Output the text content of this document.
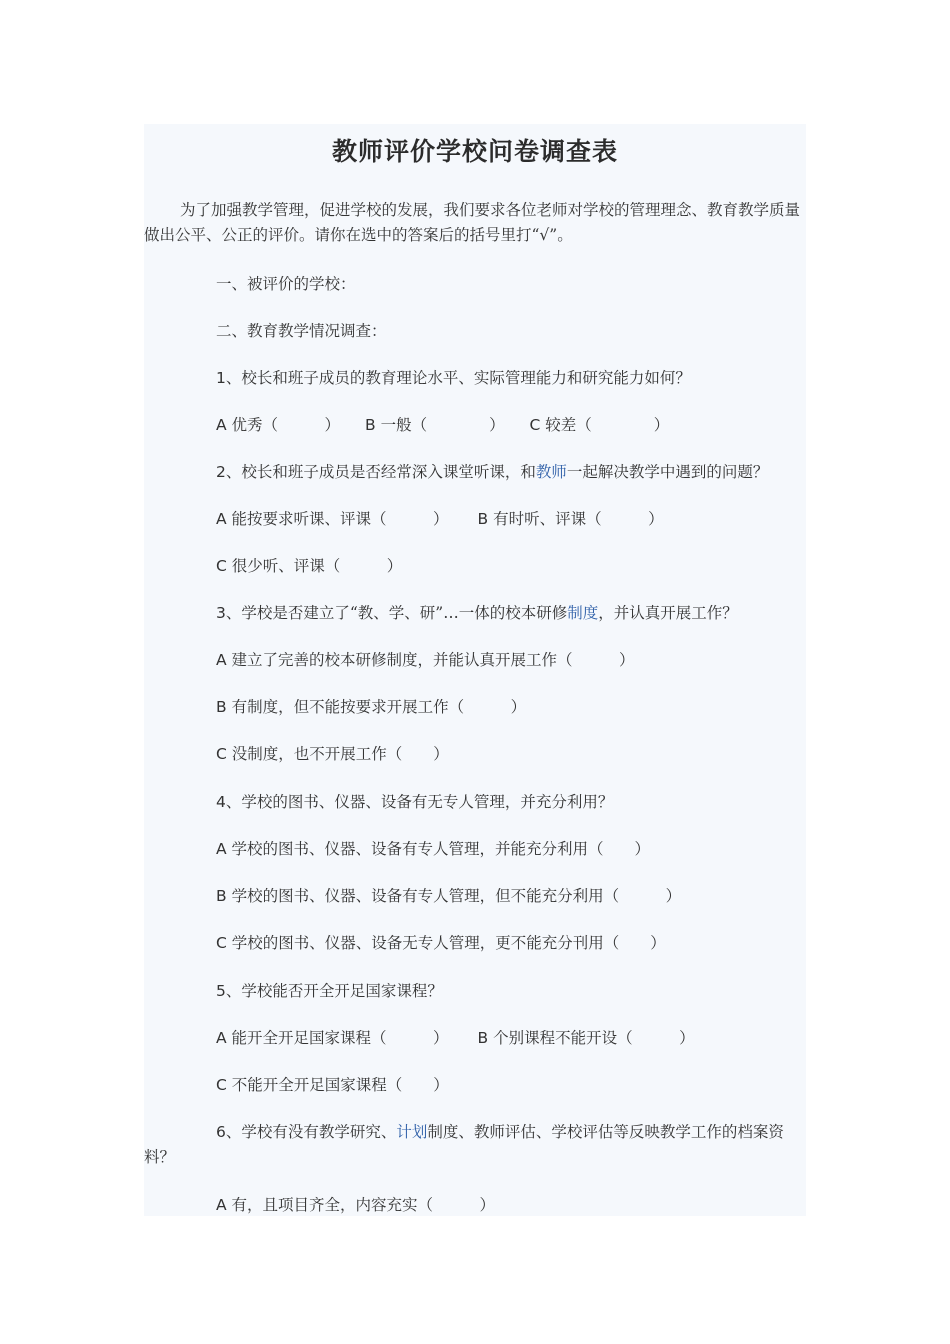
教师评价学校问卷调查表
为了加强教学管理，促进学校的发展，我们要求各位老师对学校的管理理念、教育教学质量做出公平、公正的评价。请你在选中的答案后的括号里打“√”。
一、被评价的学校：
二、教育教学情况调查：
1、校长和班子成员的教育理论水平、实际管理能力和研究能力如何？
A 优秀（　　　） B 一般（　　　　） C 较差（　　　　）
2、校长和班子成员是否经常深入课堂听课，和教师一起解决教学中遇到的问题？
A 能按要求听课、评课（　　　） B 有时听、评课（　　　）
C 很少听、评课（　　　）
3、学校是否建立了“教、学、研”…一体的校本研修制度，并认真开展工作？
A 建立了完善的校本研修制度，并能认真开展工作（　　　）
B 有制度，但不能按要求开展工作（　　　）
C 没制度，也不开展工作（　　）
4、学校的图书、仪器、设备有无专人管理，并充分利用？
A 学校的图书、仪器、设备有专人管理，并能充分利用（　　）
B 学校的图书、仪器、设备有专人管理，但不能充分利用（　　　）
C 学校的图书、仪器、设备无专人管理，更不能充分刊用（　　）
5、学校能否开全开足国家课程？
A 能开全开足国家课程（　　　） B 个别课程不能开设（　　　）
C 不能开全开足国家课程（　　）
6、学校有没有教学研究、计划制度、教师评估、学校评估等反映教学工作的档案资料？
A 有，且项目齐全，内容充实（　　　）
